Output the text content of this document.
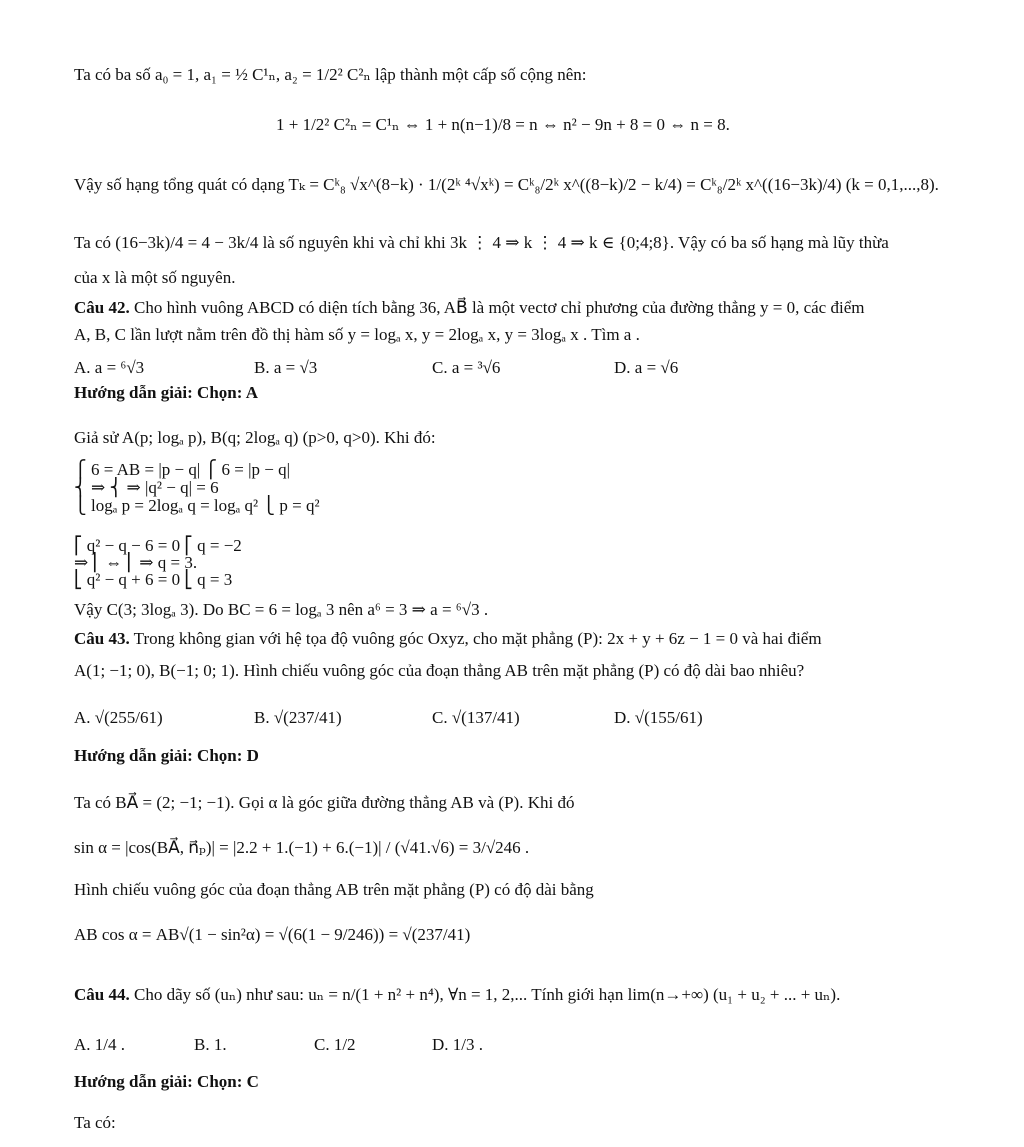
Ta có ba số a₀ = 1, a₁ = ½ C¹ₙ, a₂ = 1/2² C²ₙ lập thành một cấp số cộng nên:
1 + 1/2² C²ₙ = C¹ₙ ⇔ 1 + n(n−1)/8 = n ⇔ n² − 9n + 8 = 0 ⇔ n = 8.
Vậy số hạng tổng quát có dạng Tₖ = Cᵏ₈ √x^(8−k) · 1/(2ᵏ ⁴√xᵏ) = Cᵏ₈/2ᵏ x^((8−k)/2 − k/4) = Cᵏ₈/2ᵏ x^((16−3k)/4) (k = 0,1,...,8).
Ta có (16−3k)/4 = 4 − 3k/4 là số nguyên khi và chỉ khi 3k ⋮ 4 ⇒ k ⋮ 4 ⇒ k ∈ {0;4;8}. Vậy có ba số hạng mà lũy thừa
của x là một số nguyên.
Câu 42. Cho hình vuông ABCD có diện tích bằng 36, AB⃗ là một vectơ chỉ phương của đường thẳng y = 0, các điểm
A, B, C lần lượt nằm trên đồ thị hàm số y = logₐ x, y = 2logₐ x, y = 3logₐ x . Tìm a .
A. a = ⁶√3	B. a = √3	C. a = ³√6	D. a = √6
Hướng dẫn giải: Chọn: A
Giả sử A(p; logₐ p), B(q; 2logₐ q) (p>0, q>0). Khi đó:
⎧ 6 = AB = |p − q| ⎧ 6 = |p − q|
⎨ ⇒ ⎨ ⇒ |q² − q| = 6
⎩ logₐ p = 2logₐ q = logₐ q² ⎩ p = q²
⎡ q² − q − 6 = 0 ⎡ q = −2
⇒ ⎢ ⇔ ⎢ ⇒ q = 3.
⎣ q² − q + 6 = 0 ⎣ q = 3
Vậy C(3; 3logₐ 3). Do BC = 6 = logₐ 3 nên a⁶ = 3 ⇒ a = ⁶√3 .
Câu 43. Trong không gian với hệ tọa độ vuông góc Oxyz, cho mặt phẳng (P): 2x + y + 6z − 1 = 0 và hai điểm
A(1; −1; 0), B(−1; 0; 1). Hình chiếu vuông góc của đoạn thẳng AB trên mặt phẳng (P) có độ dài bao nhiêu?
A. √(255/61)	B. √(237/41)	C. √(137/41)	D. √(155/61)
Hướng dẫn giải: Chọn: D
Ta có BA⃗ = (2; −1; −1). Gọi α là góc giữa đường thẳng AB và (P). Khi đó
sin α = |cos(BA⃗, n⃗ₚ)| = |2.2 + 1.(−1) + 6.(−1)| / (√41.√6) = 3/√246 .
Hình chiếu vuông góc của đoạn thẳng AB trên mặt phẳng (P) có độ dài bằng
AB cos α = AB√(1 − sin²α) = √(6(1 − 9/246)) = √(237/41)
Câu 44. Cho dãy số (uₙ) như sau: uₙ = n/(1 + n² + n⁴), ∀n = 1, 2,... Tính giới hạn lim(n→+∞) (u₁ + u₂ + ... + uₙ).
A. 1/4 .	B. 1.	C. 1/2	D. 1/3 .
Hướng dẫn giải: Chọn: C
Ta có:
